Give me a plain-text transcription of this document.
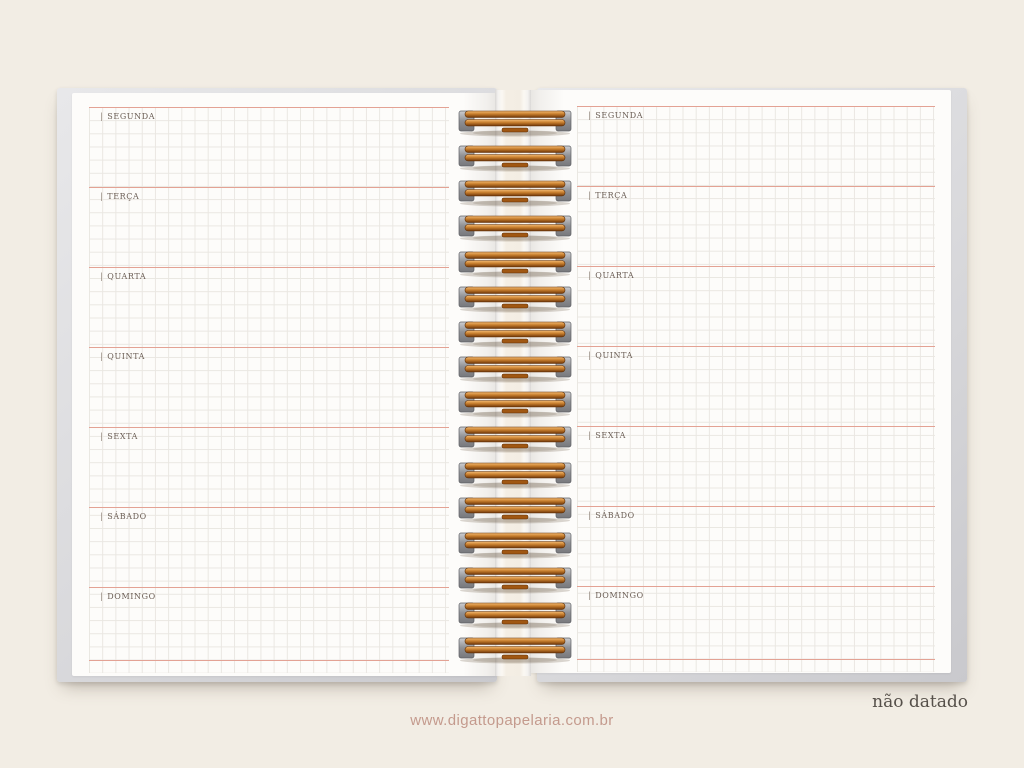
| SEGUNDA
| TERÇA
| QUARTA
| QUINTA
| SEXTA
| SÁBADO
| DOMINGO
| SEGUNDA
| TERÇA
| QUARTA
| QUINTA
| SEXTA
| SÁBADO
| DOMINGO
www.digattopapelaria.com.br
não datado
